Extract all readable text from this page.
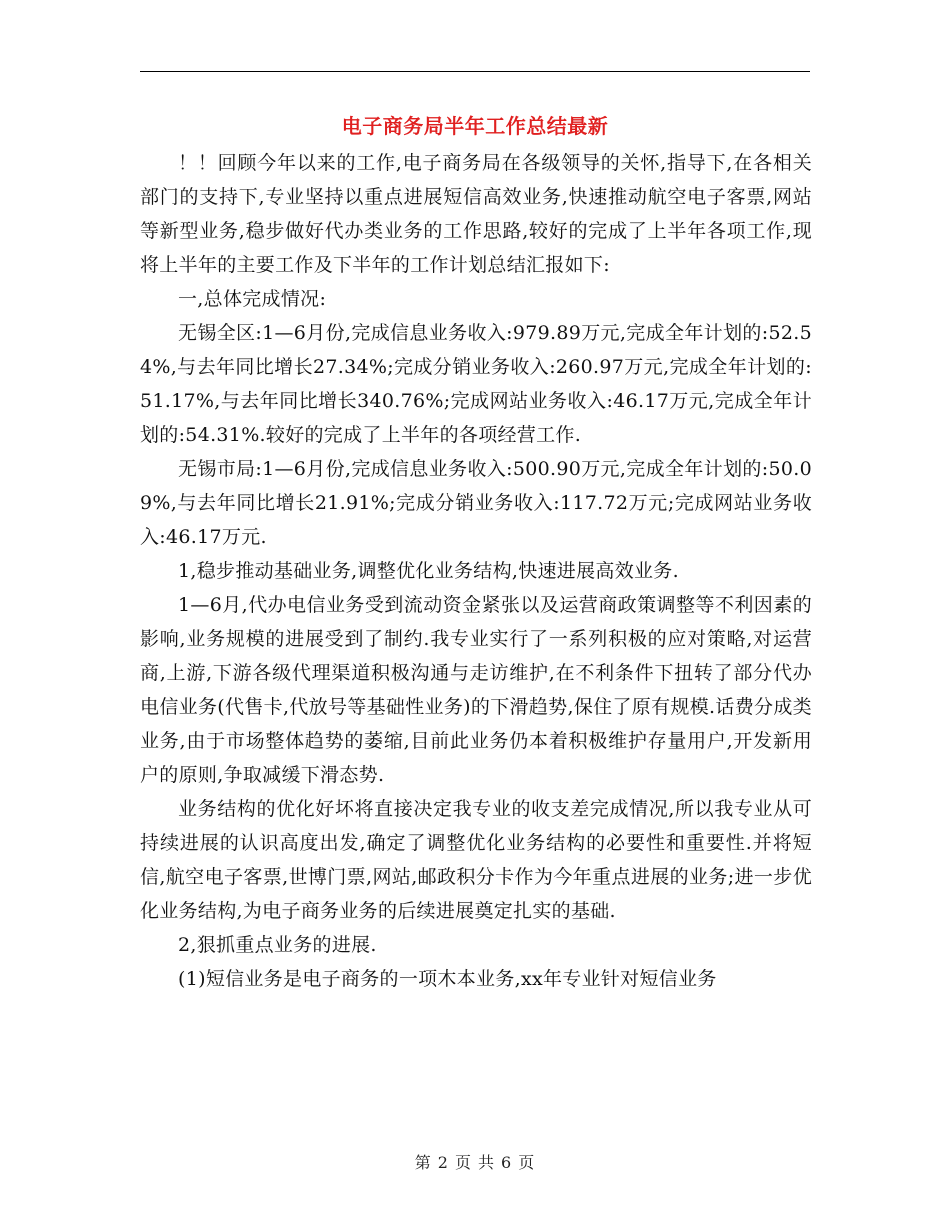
电子商务局半年工作总结最新

！！回顾今年以来的工作,电子商务局在各级领导的关怀,指导下,在各相关部门的支持下,专业坚持以重点进展短信高效业务,快速推动航空电子客票,网站等新型业务,稳步做好代办类业务的工作思路,较好的完成了上半年各项工作,现将上半年的主要工作及下半年的工作计划总结汇报如下:

一,总体完成情况:

无锡全区:1—6月份,完成信息业务收入:979.89万元,完成全年计划的:52.54%,与去年同比增长27.34%;完成分销业务收入:260.97万元,完成全年计划的:51.17%,与去年同比增长340.76%;完成网站业务收入:46.17万元,完成全年计划的:54.31%.较好的完成了上半年的各项经营工作.

无锡市局:1—6月份,完成信息业务收入:500.90万元,完成全年计划的:50.09%,与去年同比增长21.91%;完成分销业务收入:117.72万元;完成网站业务收入:46.17万元.

1,稳步推动基础业务,调整优化业务结构,快速进展高效业务.

1—6月,代办电信业务受到流动资金紧张以及运营商政策调整等不利因素的影响,业务规模的进展受到了制约.我专业实行了一系列积极的应对策略,对运营商,上游,下游各级代理渠道积极沟通与走访维护,在不利条件下扭转了部分代办电信业务(代售卡,代放号等基础性业务)的下滑趋势,保住了原有规模.话费分成类业务,由于市场整体趋势的萎缩,目前此业务仍本着积极维护存量用户,开发新用户的原则,争取减缓下滑态势.

业务结构的优化好坏将直接决定我专业的收支差完成情况,所以我专业从可持续进展的认识高度出发,确定了调整优化业务结构的必要性和重要性.并将短信,航空电子客票,世博门票,网站,邮政积分卡作为今年重点进展的业务;进一步优化业务结构,为电子商务业务的后续进展奠定扎实的基础.

2,狠抓重点业务的进展.

(1)短信业务是电子商务的一项木本业务,xx年专业针对短信业务

第 2 页 共 6 页
